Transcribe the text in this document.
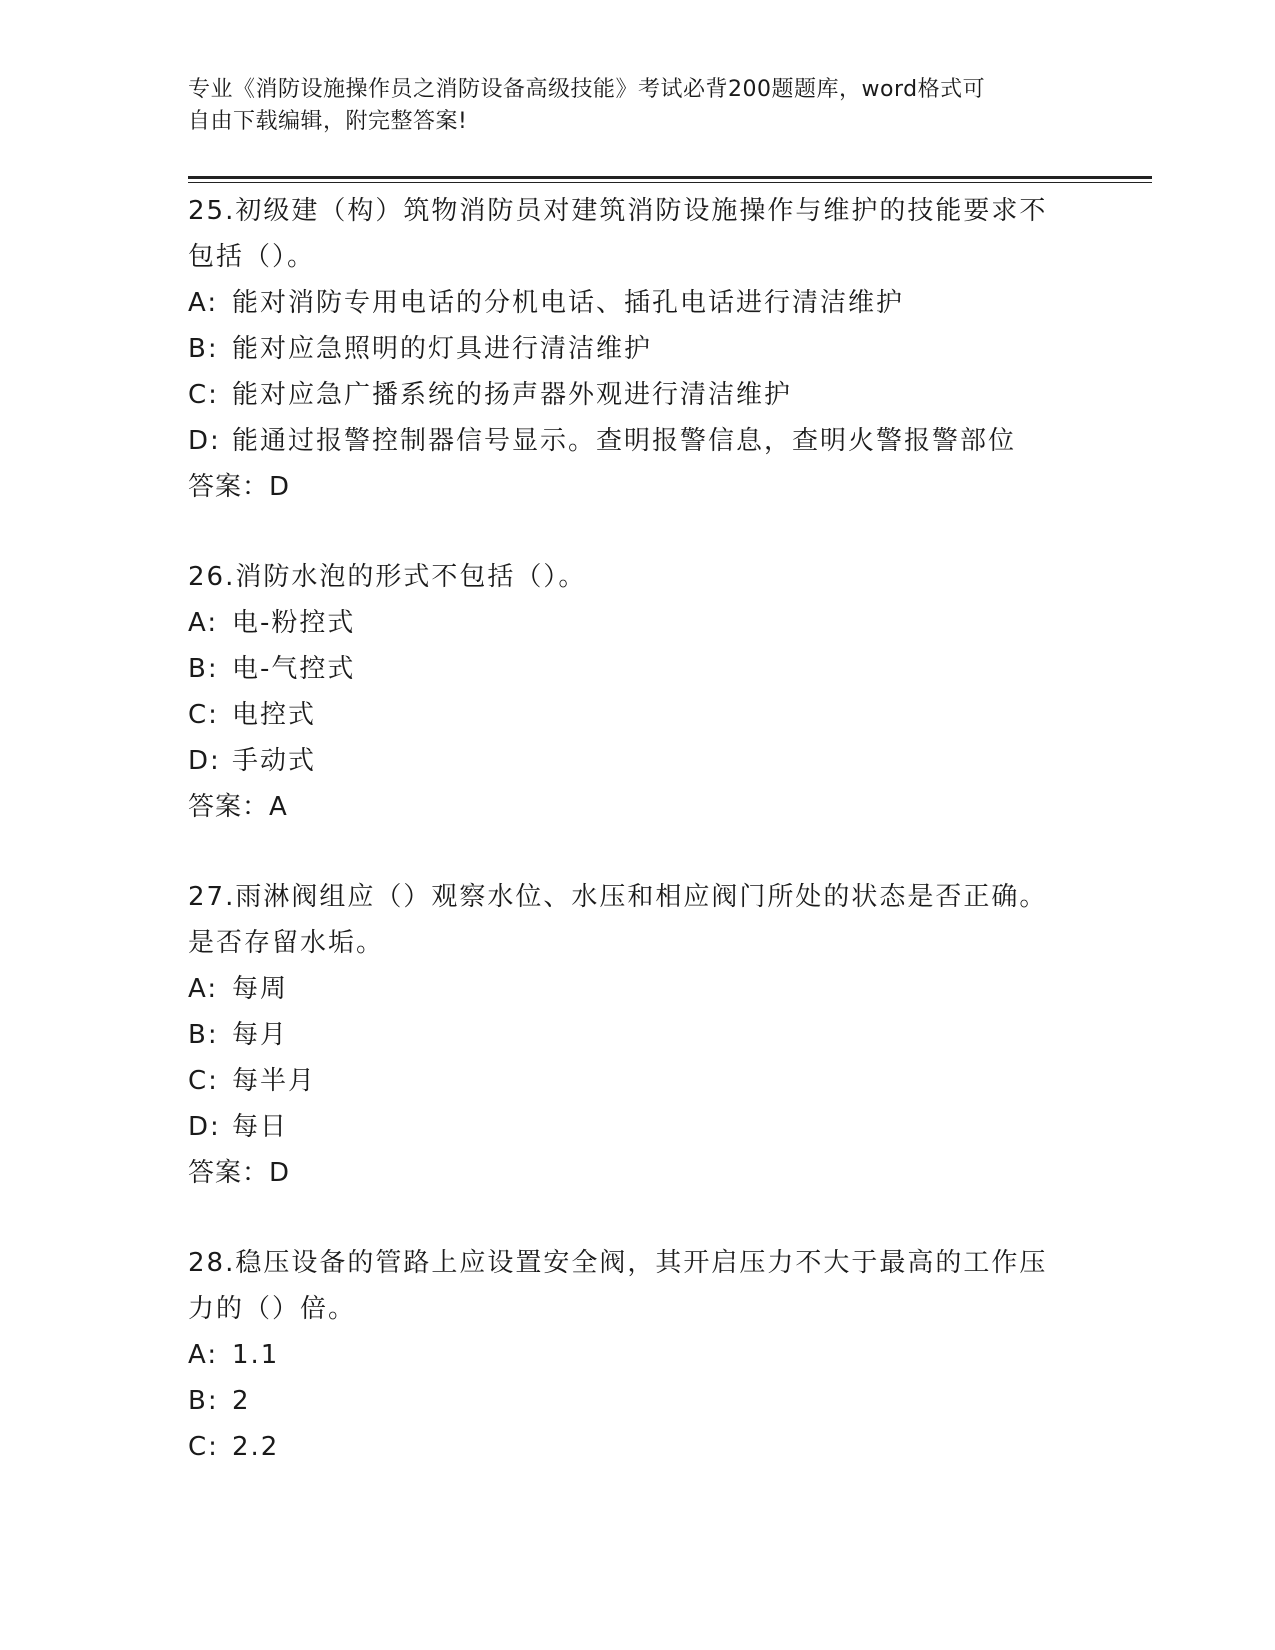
专业《消防设施操作员之消防设备高级技能》考试必背200题题库，word格式可
自由下载编辑，附完整答案!

25.初级建（构）筑物消防员对建筑消防设施操作与维护的技能要求不

包括（）。

A: 能对消防专用电话的分机电话、插孔电话进行清洁维护

B: 能对应急照明的灯具进行清洁维护

C: 能对应急广播系统的扬声器外观进行清洁维护

D: 能通过报警控制器信号显示。查明报警信息，查明火警报警部位

答案：D

26.消防水泡的形式不包括（）。

A: 电-粉控式

B: 电-气控式

C: 电控式

D: 手动式

答案：A

27.雨淋阀组应（）观察水位、水压和相应阀门所处的状态是否正确。

是否存留水垢。

A: 每周

B: 每月

C: 每半月

D: 每日

答案：D

28.稳压设备的管路上应设置安全阀，其开启压力不大于最高的工作压

力的（）倍。

A: 1.1

B: 2

C: 2.2
